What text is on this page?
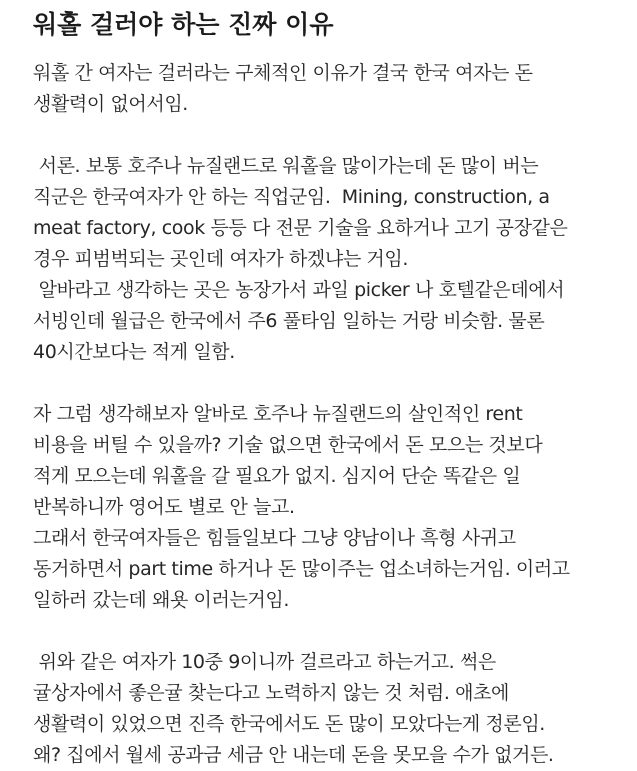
워홀 걸러야 하는 진짜 이유
워홀 간 여자는 걸러라는 구체적인 이유가 결국 한국 여자는 돈
생활력이 없어서임.
서론. 보통 호주나 뉴질랜드로 워홀을 많이가는데 돈 많이 버는
직군은 한국여자가 안 하는 직업군임.  Mining, construction, a
meat factory, cook 등등 다 전문 기술을 요하거나 고기 공장같은
경우 피범벅되는 곳인데 여자가 하겠냐는 거임.
알바라고 생각하는 곳은 농장가서 과일 picker 나 호텔같은데에서
서빙인데 월급은 한국에서 주6 풀타임 일하는 거랑 비슷함. 물론
40시간보다는 적게 일함.
자 그럼 생각해보자 알바로 호주나 뉴질랜드의 살인적인 rent
비용을 버틸 수 있을까? 기술 없으면 한국에서 돈 모으는 것보다
적게 모으는데 워홀을 갈 필요가 없지. 심지어 단순 똑같은 일
반복하니까 영어도 별로 안 늘고.
그래서 한국여자들은 힘들일보다 그냥 양남이나 흑형 사귀고
동거하면서 part time 하거나 돈 많이주는 업소녀하는거임. 이러고
일하러 갔는데 왜욧 이러는거임.
위와 같은 여자가 10중 9이니까 걸르라고 하는거고. 썩은
귤상자에서 좋은귤 찾는다고 노력하지 않는 것 처럼. 애초에
생활력이 있었으면 진즉 한국에서도 돈 많이 모았다는게 정론임.
왜? 집에서 월세 공과금 세금 안 내는데 돈을 못모을 수가 없거든.
